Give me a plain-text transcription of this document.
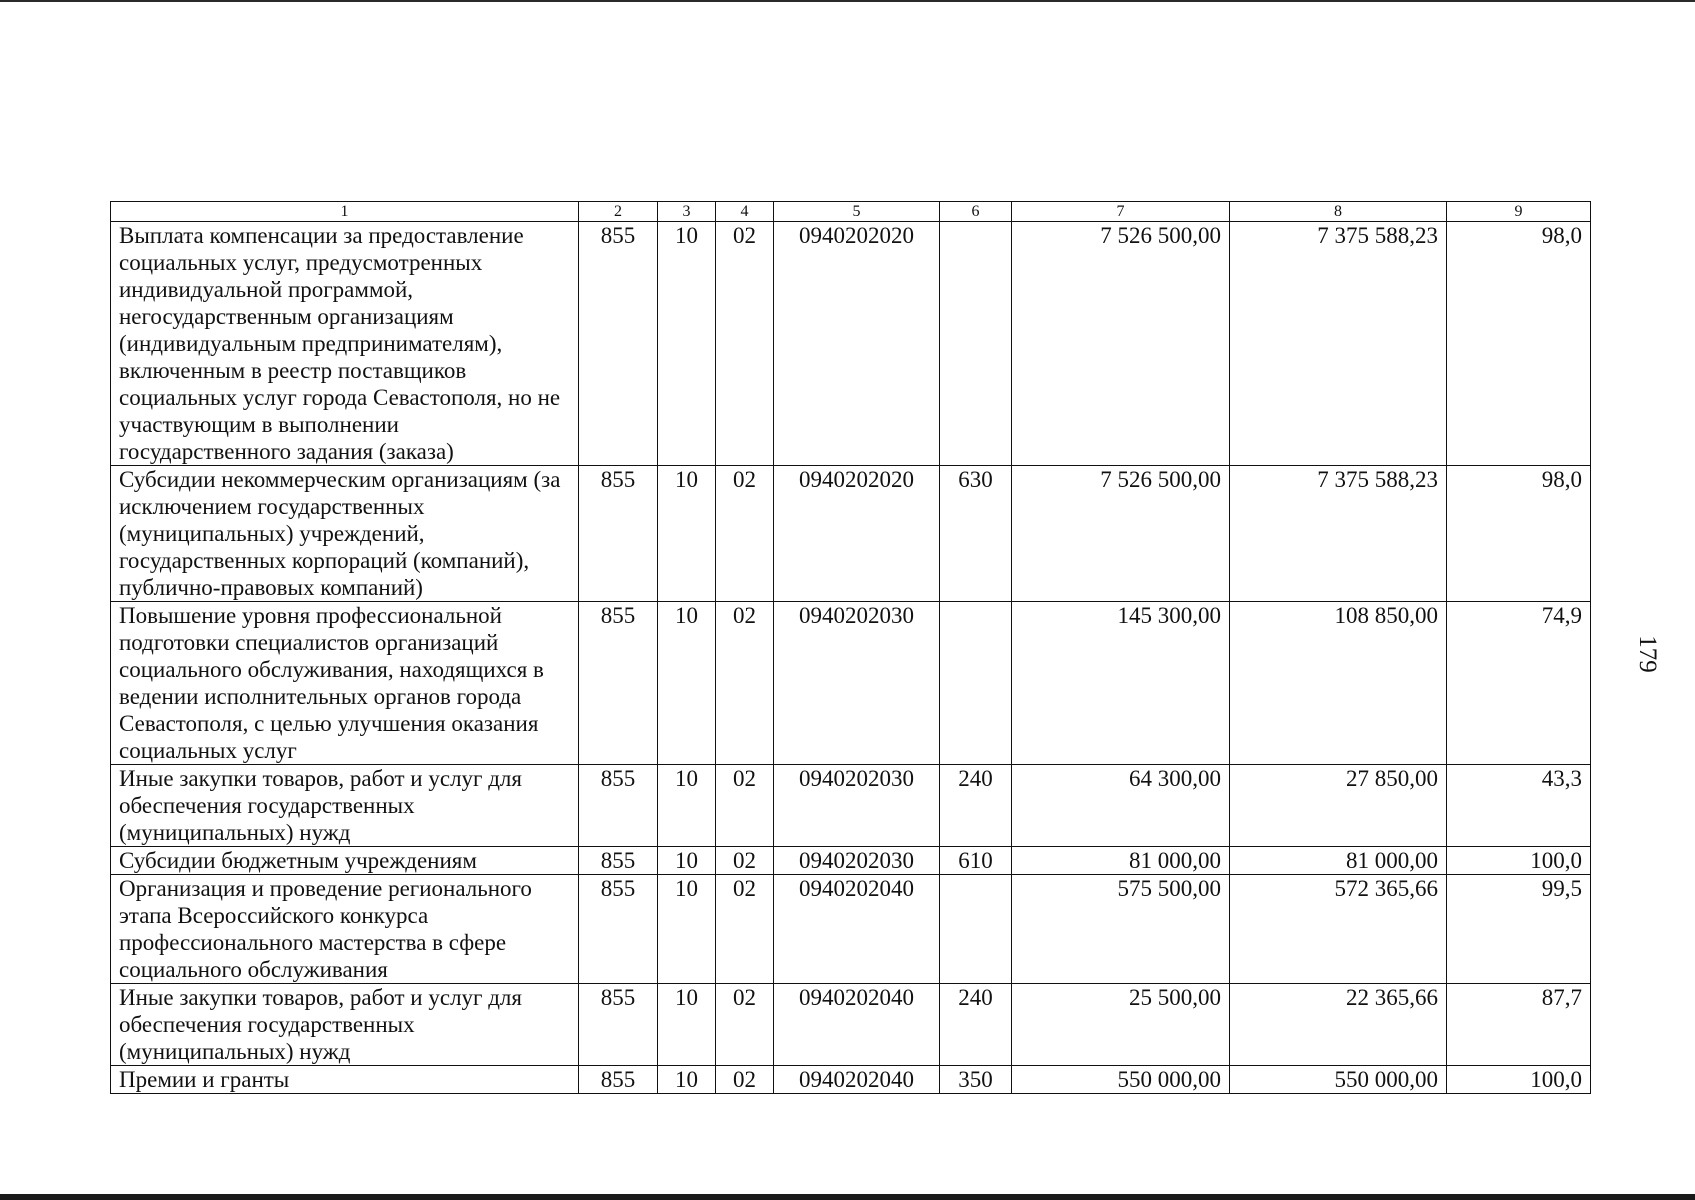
1	2	3	4	5	6	7	8	9
Выплата компенсации за предоставление социальных услуг, предусмотренных индивидуальной программой, негосударственным организациям (индивидуальным предпринимателям), включенным в реестр поставщиков социальных услуг города Севастополя, но не участвующим в выполнении государственного задания (заказа)	855	10	02	0940202020		7 526 500,00	7 375 588,23	98,0
Субсидии некоммерческим организациям (за исключением государственных (муниципальных) учреждений, государственных корпораций (компаний), публично-правовых компаний)	855	10	02	0940202020	630	7 526 500,00	7 375 588,23	98,0
Повышение уровня профессиональной подготовки специалистов организаций социального обслуживания, находящихся в ведении исполнительных органов города Севастополя, с целью улучшения оказания социальных услуг	855	10	02	0940202030		145 300,00	108 850,00	74,9
Иные закупки товаров, работ и услуг для обеспечения государственных (муниципальных) нужд	855	10	02	0940202030	240	64 300,00	27 850,00	43,3
Субсидии бюджетным учреждениям	855	10	02	0940202030	610	81 000,00	81 000,00	100,0
Организация и проведение регионального этапа Всероссийского конкурса профессионального мастерства в сфере социального обслуживания	855	10	02	0940202040		575 500,00	572 365,66	99,5
Иные закупки товаров, работ и услуг для обеспечения государственных (муниципальных) нужд	855	10	02	0940202040	240	25 500,00	22 365,66	87,7
Премии и гранты	855	10	02	0940202040	350	550 000,00	550 000,00	100,0
179
